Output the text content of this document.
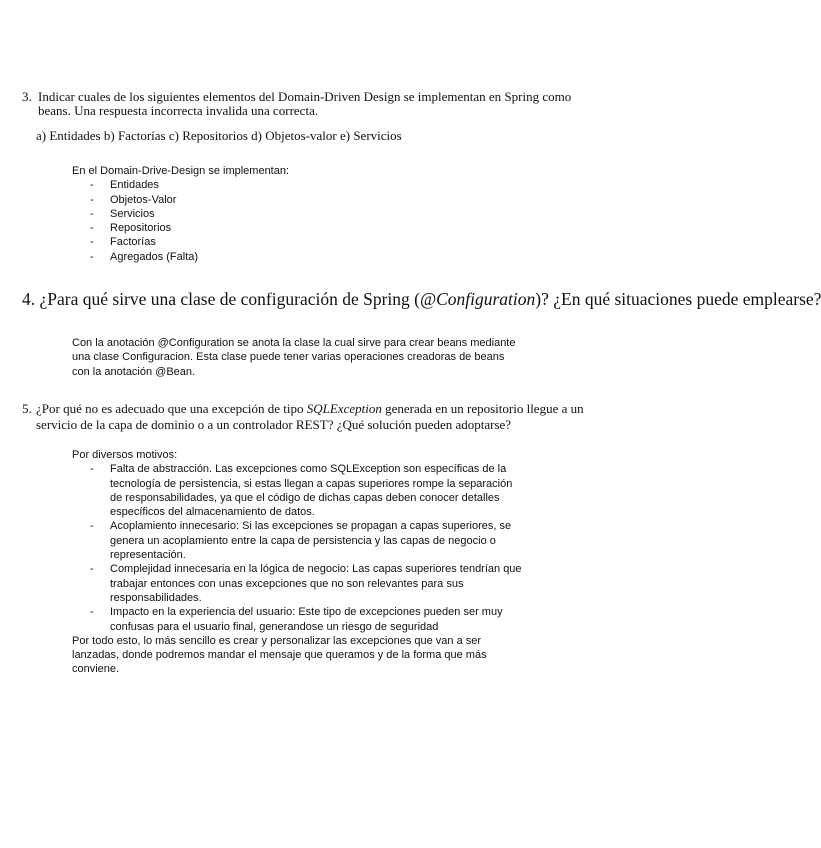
3. Indicar cuales de los siguientes elementos del Domain-Driven Design se implementan en Spring como beans. Una respuesta incorrecta invalida una correcta.
a) Entidades b) Factorías c) Repositorios d) Objetos-valor e) Servicios
En el Domain-Drive-Design se implementan:
- Entidades
- Objetos-Valor
- Servicios
- Repositorios
- Factorías
- Agregados (Falta)
4. ¿Para qué sirve una clase de configuración de Spring (@Configuration)? ¿En qué situaciones puede emplearse?
Con la anotación @Configuration se anota la clase la cual sirve para crear beans mediante
una clase Configuracion. Esta clase puede tener varias operaciones creadoras de beans
con la anotación @Bean.
5. ¿Por qué no es adecuado que una excepción de tipo SQLException generada en un repositorio llegue a un servicio de la capa de dominio o a un controlador REST? ¿Qué solución pueden adoptarse?
Por diversos motivos:
- Falta de abstracción. Las excepciones como SQLException son específicas de la
tecnología de persistencia, si estas llegan a capas superiores rompe la separación
de responsabilidades, ya que el código de dichas capas deben conocer detalles
específicos del almacenamiento de datos.
- Acoplamiento innecesario: Si las excepciones se propagan a capas superiores, se
genera un acoplamiento entre la capa de persistencia y las capas de negocio o
representación.
- Complejidad innecesaria en la lógica de negocio: Las capas superiores tendrían que
trabajar entonces con unas excepciones que no son relevantes para sus
responsabilidades.
- Impacto en la experiencia del usuario: Este tipo de excepciones pueden ser muy
confusas para el usuario final, generandose un riesgo de seguridad
Por todo esto, lo más sencillo es crear y personalizar las excepciones que van a ser
lanzadas, donde podremos mandar el mensaje que queramos y de la forma que más
conviene.
